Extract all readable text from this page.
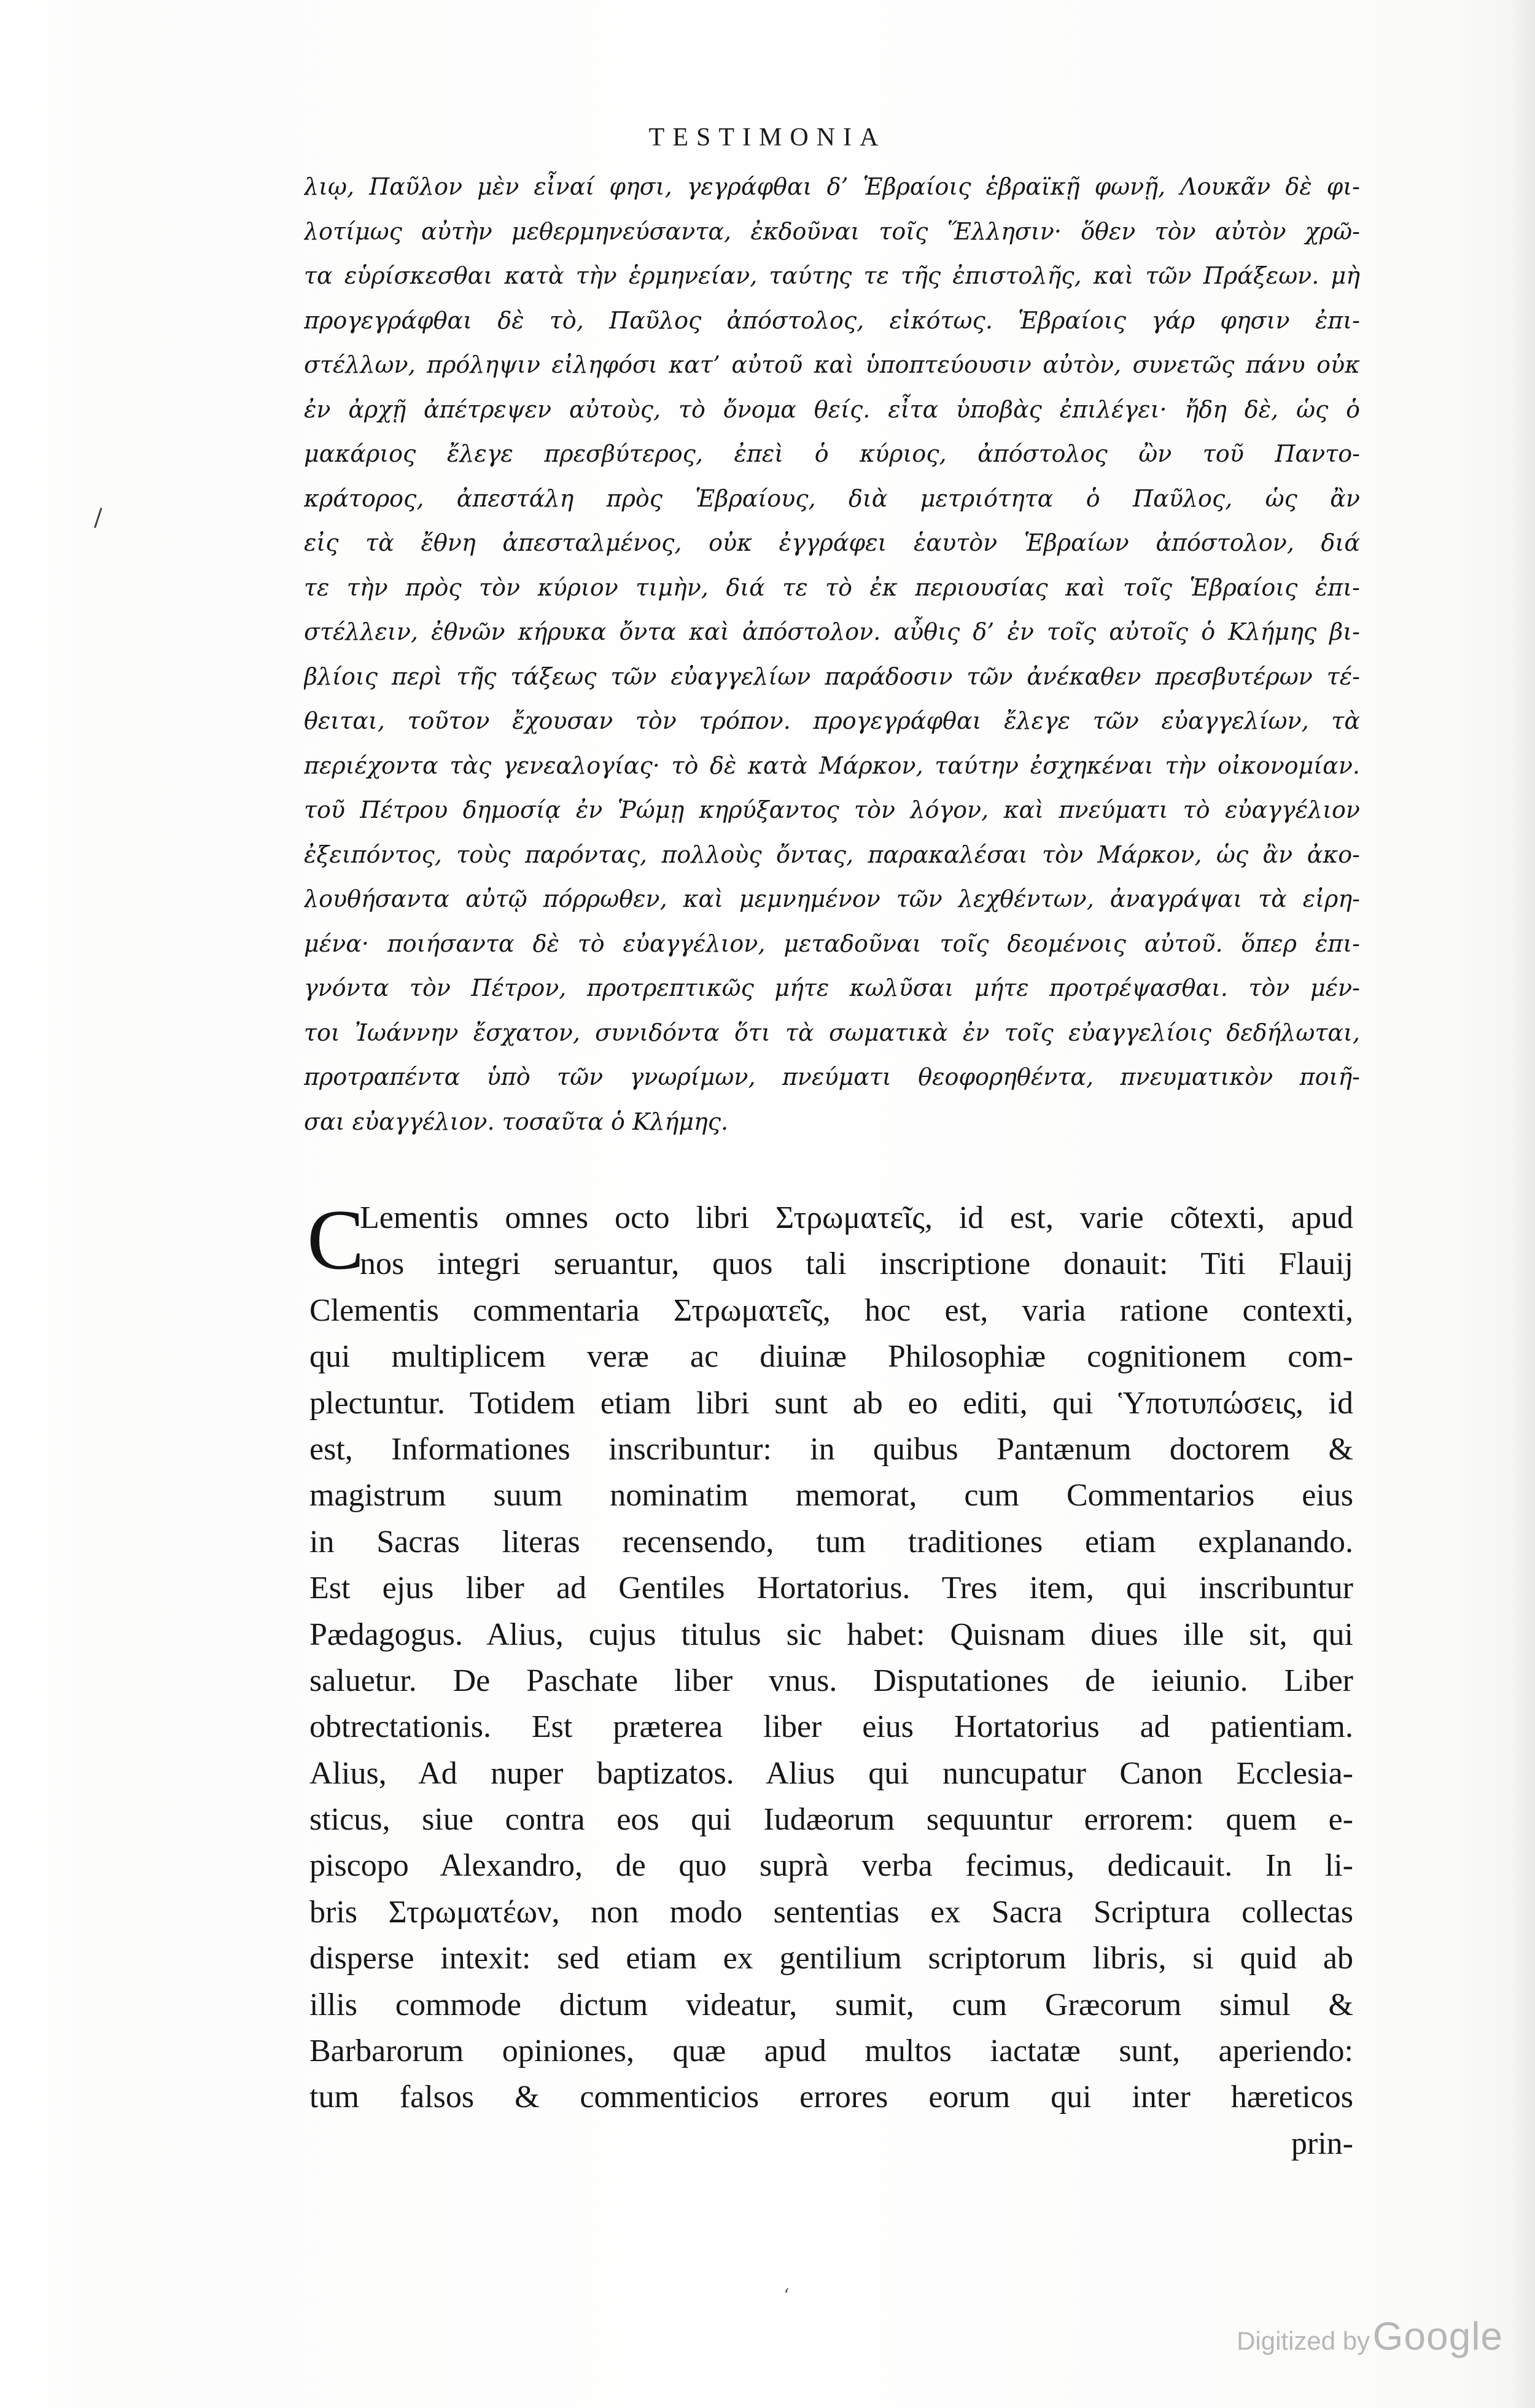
TESTIMONIA
λιῳ, Παῦλον μὲν εἶναί φησι, γεγράφθαι δ’ Ἑβραίοις ἑβραϊκῇ φωνῇ, Λουκᾶν δὲ φι-
λοτίμως αὐτὴν μεθερμηνεύσαντα, ἐκδοῦναι τοῖς Ἕλλησιν· ὅθεν τὸν αὐτὸν χρῶ-
τα εὑρίσκεσθαι κατὰ τὴν ἑρμηνείαν, ταύτης τε τῆς ἐπιστολῆς, καὶ τῶν Πράξεων. μὴ
προγεγράφθαι δὲ τὸ, Παῦλος ἀπόστολος, εἰκότως. Ἑβραίοις γάρ φησιν ἐπι-
στέλλων, πρόληψιν εἰληφόσι κατ’ αὐτοῦ καὶ ὑποπτεύουσιν αὐτὸν, συνετῶς πάνυ οὐκ
ἐν ἀρχῇ ἀπέτρεψεν αὐτοὺς, τὸ ὄνομα θείς. εἶτα ὑποβὰς ἐπιλέγει· ἤδη δὲ, ὡς ὁ
μακάριος ἔλεγε πρεσβύτερος, ἐπεὶ ὁ κύριος, ἀπόστολος ὢν τοῦ Παντο-
κράτορος, ἀπεστάλη πρὸς Ἑβραίους, διὰ μετριότητα ὁ Παῦλος, ὡς ἂν
εἰς τὰ ἔθνη ἀπεσταλμένος, οὐκ ἐγγράφει ἑαυτὸν Ἑβραίων ἀπόστολον, διά
τε τὴν πρὸς τὸν κύριον τιμὴν, διά τε τὸ ἐκ περιουσίας καὶ τοῖς Ἑβραίοις ἐπι-
στέλλειν, ἐθνῶν κήρυκα ὄντα καὶ ἀπόστολον. αὖθις δ’ ἐν τοῖς αὐτοῖς ὁ Κλήμης βι-
βλίοις περὶ τῆς τάξεως τῶν εὐαγγελίων παράδοσιν τῶν ἀνέκαθεν πρεσβυτέρων τέ-
θειται, τοῦτον ἔχουσαν τὸν τρόπον. προγεγράφθαι ἔλεγε τῶν εὐαγγελίων, τὰ
περιέχοντα τὰς γενεαλογίας· τὸ δὲ κατὰ Μάρκον, ταύτην ἐσχηκέναι τὴν οἰκονομίαν.
τοῦ Πέτρου δημοσίᾳ ἐν Ῥώμῃ κηρύξαντος τὸν λόγον, καὶ πνεύματι τὸ εὐαγγέλιον
ἐξειπόντος, τοὺς παρόντας, πολλοὺς ὄντας, παρακαλέσαι τὸν Μάρκον, ὡς ἂν ἀκο-
λουθήσαντα αὐτῷ πόρρωθεν, καὶ μεμνημένον τῶν λεχθέντων, ἀναγράψαι τὰ εἰρη-
μένα· ποιήσαντα δὲ τὸ εὐαγγέλιον, μεταδοῦναι τοῖς δεομένοις αὐτοῦ. ὅπερ ἐπι-
γνόντα τὸν Πέτρον, προτρεπτικῶς μήτε κωλῦσαι μήτε προτρέψασθαι. τὸν μέν-
τοι Ἰωάννην ἔσχατον, συνιδόντα ὅτι τὰ σωματικὰ ἐν τοῖς εὐαγγελίοις δεδήλωται,
προτραπέντα ὑπὸ τῶν γνωρίμων, πνεύματι θεοφορηθέντα, πνευματικὸν ποιῆ-
σαι εὐαγγέλιον. τοσαῦτα ὁ Κλήμης.
C
Lementis omnes octo libri Στρωματεῖς, id est, varie cõtexti, apud
nos integri seruantur, quos tali inscriptione donauit: Titi Flauij
Clementis commentaria Στρωματεῖς, hoc est, varia ratione contexti,
qui multiplicem veræ ac diuinæ Philosophiæ cognitionem com-
plectuntur. Totidem etiam libri sunt ab eo editi, qui Ὑποτυπώσεις, id
est, Informationes inscribuntur: in quibus Pantænum doctorem &
magistrum suum nominatim memorat, cum Commentarios eius
in Sacras literas recensendo, tum traditiones etiam explanando.
Est ejus liber ad Gentiles Hortatorius. Tres item, qui inscribuntur
Pædagogus. Alius, cujus titulus sic habet: Quisnam diues ille sit, qui
saluetur. De Paschate liber vnus. Disputationes de ieiunio. Liber
obtrectationis. Est præterea liber eius Hortatorius ad patientiam.
Alius, Ad nuper baptizatos. Alius qui nuncupatur Canon Ecclesia-
sticus, siue contra eos qui Iudæorum sequuntur errorem: quem e-
piscopo Alexandro, de quo suprà verba fecimus, dedicauit. In li-
bris Στρωματέων, non modo sententias ex Sacra Scriptura collectas
disperse intexit: sed etiam ex gentilium scriptorum libris, si quid ab
illis commode dictum videatur, sumit, cum Græcorum simul &
Barbarorum opiniones, quæ apud multos iactatæ sunt, aperiendo:
tum falsos & commenticios errores eorum qui inter hæreticos
prin-
‘
Digitized by Google
